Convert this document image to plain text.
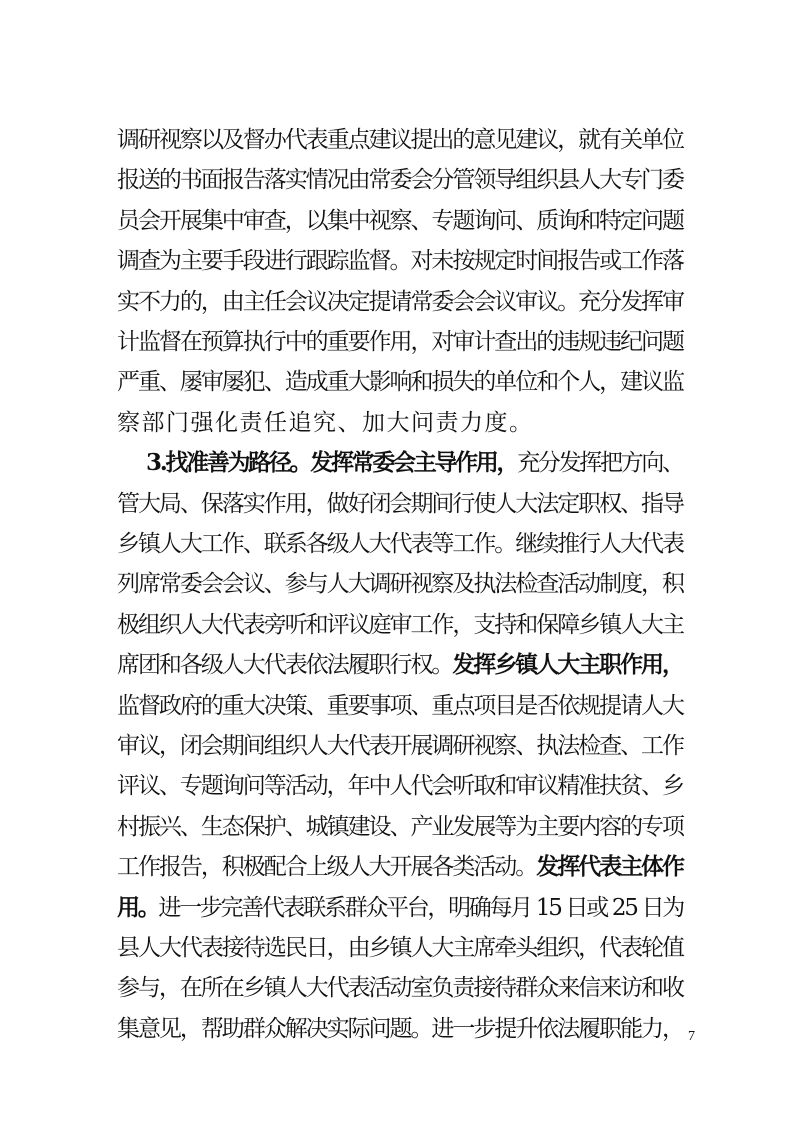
调研视察以及督办代表重点建议提出的意见建议，就有关单位
报送的书面报告落实情况由常委会分管领导组织县人大专门委
员会开展集中审查，以集中视察、专题询问、质询和特定问题
调查为主要手段进行跟踪监督。对未按规定时间报告或工作落
实不力的，由主任会议决定提请常委会会议审议。充分发挥审
计监督在预算执行中的重要作用，对审计查出的违规违纪问题
严重、屡审屡犯、造成重大影响和损失的单位和个人，建议监
察部门强化责任追究、加大问责力度。
3.找准善为路径。发挥常委会主导作用，充分发挥把方向、
管大局、保落实作用，做好闭会期间行使人大法定职权、指导
乡镇人大工作、联系各级人大代表等工作。继续推行人大代表
列席常委会会议、参与人大调研视察及执法检查活动制度，积
极组织人大代表旁听和评议庭审工作，支持和保障乡镇人大主
席团和各级人大代表依法履职行权。发挥乡镇人大主职作用，
监督政府的重大决策、重要事项、重点项目是否依规提请人大
审议，闭会期间组织人大代表开展调研视察、执法检查、工作
评议、专题询问等活动，年中人代会听取和审议精准扶贫、乡
村振兴、生态保护、城镇建设、产业发展等为主要内容的专项
工作报告，积极配合上级人大开展各类活动。发挥代表主体作
用。进一步完善代表联系群众平台，明确每月 15 日或 25 日为
县人大代表接待选民日，由乡镇人大主席牵头组织，代表轮值
参与，在所在乡镇人大代表活动室负责接待群众来信来访和收
集意见，帮助群众解决实际问题。进一步提升依法履职能力， 7
